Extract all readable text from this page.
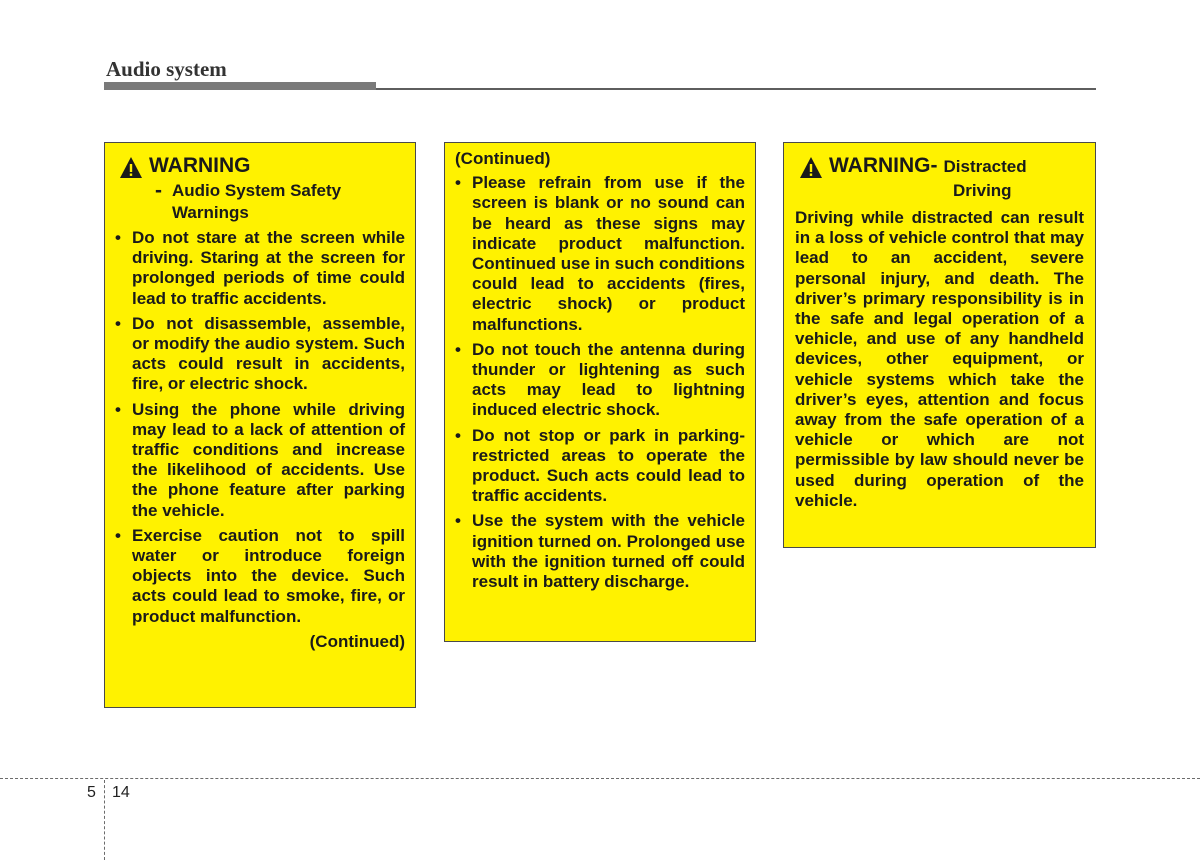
Audio system
WARNING
- Audio System Safety
Warnings
• Do not stare at the screen while driving. Staring at the screen for prolonged periods of time could lead to traffic accidents.
• Do not disassemble, assemble, or modify the audio system. Such acts could result in accidents, fire, or electric shock.
• Using the phone while driving may lead to a lack of attention of traffic conditions and increase the likelihood of accidents. Use the phone feature after parking the vehicle.
• Exercise caution not to spill water or introduce foreign objects into the device. Such acts could lead to smoke, fire, or product malfunction.
(Continued)
(Continued)
• Please refrain from use if the screen is blank or no sound can be heard as these signs may indicate product malfunction. Continued use in such conditions could lead to accidents (fires, electric shock) or product malfunctions.
• Do not touch the antenna during thunder or lightening as such acts may lead to lightning induced electric shock.
• Do not stop or park in parking-restricted areas to operate the product. Such acts could lead to traffic accidents.
• Use the system with the vehicle ignition turned on. Prolonged use with the ignition turned off could result in battery discharge.
WARNING- Distracted
Driving
Driving while distracted can result in a loss of vehicle control that may lead to an accident, severe personal injury, and death. The driver’s primary responsibility is in the safe and legal operation of a vehicle, and use of any handheld devices, other equipment, or vehicle systems which take the driver’s eyes, attention and focus away from the safe operation of a vehicle or which are not permissible by law should never be used during operation of the vehicle.

5 14
